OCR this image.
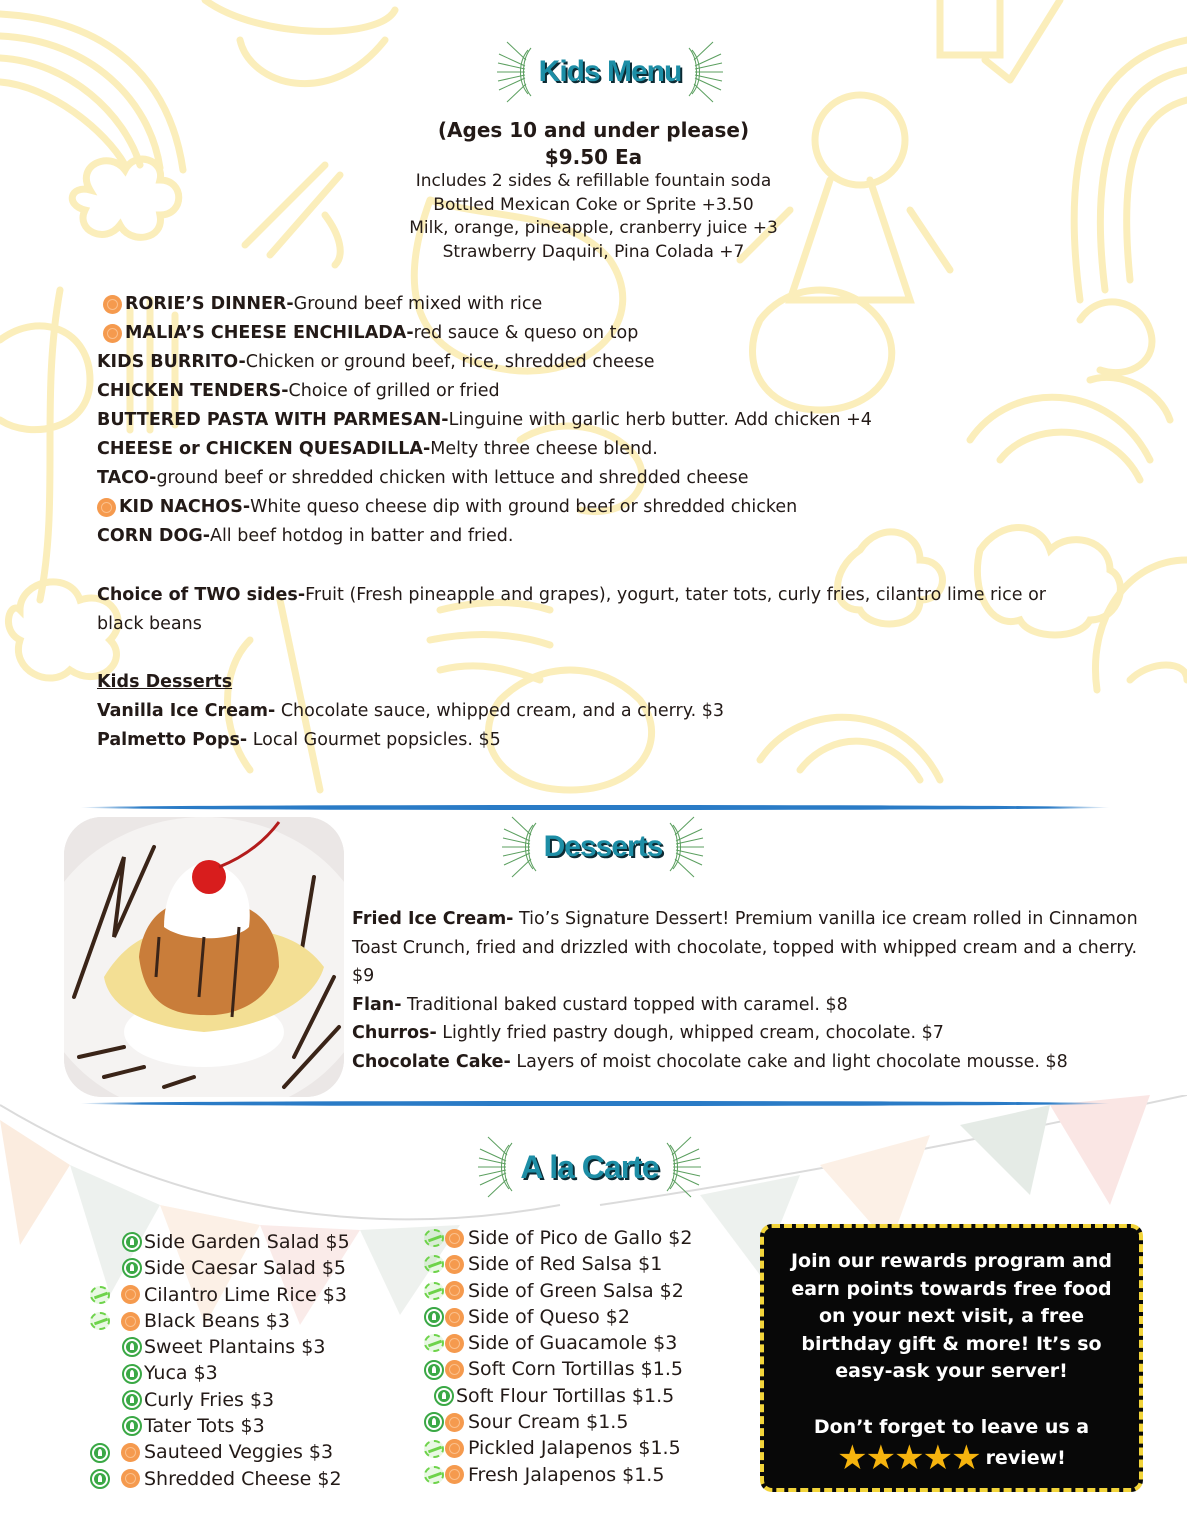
Kids Menu
(Ages 10 and under please)
$9.50 Ea
Includes 2 sides & refillable fountain soda
Bottled Mexican Coke or Sprite +3.50
Milk, orange, pineapple, cranberry juice +3
Strawberry Daquiri, Pina Colada +7
RORIE’S DINNER- Ground beef mixed with rice
MALIA’S CHEESE ENCHILADA- red sauce & queso on top
KIDS BURRITO- Chicken or ground beef, rice, shredded cheese
CHICKEN TENDERS- Choice of grilled or fried
BUTTERED PASTA WITH PARMESAN- Linguine with garlic herb butter. Add chicken +4
CHEESE or CHICKEN QUESADILLA- Melty three cheese blend.
TACO- ground beef or shredded chicken with lettuce and shredded cheese
KID NACHOS- White queso cheese dip with ground beef or shredded chicken
CORN DOG- All beef hotdog in batter and fried.
Choice of TWO sides-Fruit (Fresh pineapple and grapes), yogurt, tater tots, curly fries, cilantro lime rice or black beans
Kids Desserts
Vanilla Ice Cream- Chocolate sauce, whipped cream, and a cherry. $3
Palmetto Pops- Local Gourmet popsicles. $5
Desserts
Fried Ice Cream- Tio’s Signature Dessert! Premium vanilla ice cream rolled in Cinnamon Toast Crunch, fried and drizzled with chocolate, topped with whipped cream and a cherry. $9
Flan- Traditional baked custard topped with caramel. $8
Churros- Lightly fried pastry dough, whipped cream, chocolate. $7
Chocolate Cake- Layers of moist chocolate cake and light chocolate mousse. $8
A la Carte
Side Garden Salad $5
Side Caesar Salad $5
Cilantro Lime Rice $3
Black Beans $3
Sweet Plantains $3
Yuca $3
Curly Fries $3
Tater Tots $3
Sauteed Veggies $3
Shredded Cheese $2
Side of Pico de Gallo $2
Side of Red Salsa $1
Side of Green Salsa $2
Side of Queso $2
Side of Guacamole $3
Soft Corn Tortillas $1.5
Soft Flour Tortillas $1.5
Sour Cream $1.5
Pickled Jalapenos $1.5
Fresh Jalapenos $1.5
Join our rewards program and earn points towards free food on your next visit, a free birthday gift & more! It’s so easy-ask your server!
Don’t forget to leave us a
★★★★★ review!
